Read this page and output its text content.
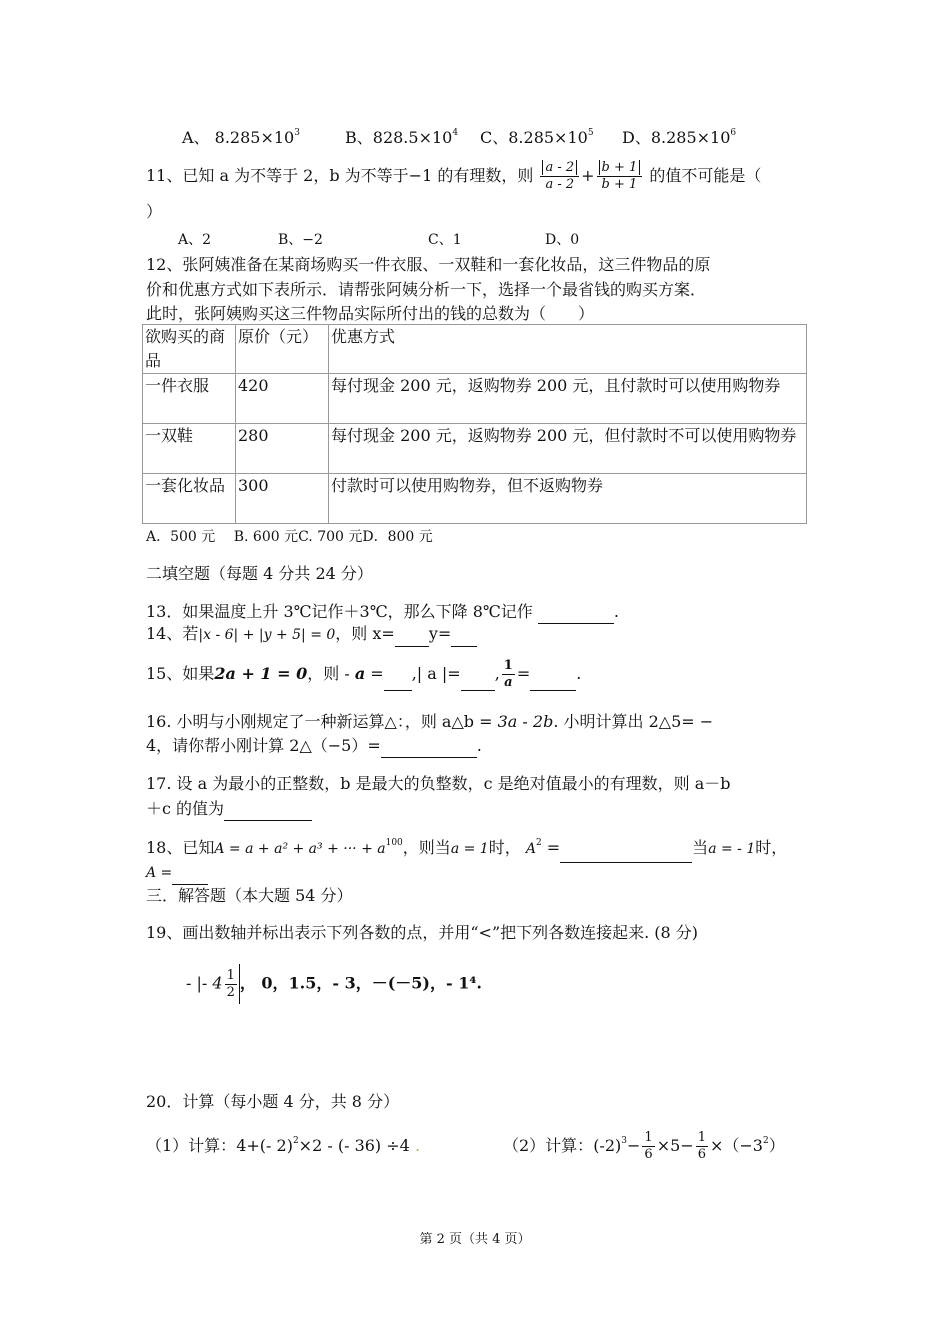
A、 $8.285\times 10^3$	B、$828.5\times 10^4$ C、$8.285\times 10^5$ D、$8.285\times 10^6$
11、已知 a 为不等于 2，b 为不等于−1 的有理数，则 $\frac{a - 2}{a - 2} + \frac{b + 1}{b + 1}$ 的值不可能是（
）
A、2	B、−2	C、1	D、0
12、张阿姨准备在某商场购买一件衣服、一双鞋和一套化妆品，这三件物品的原
价和优惠方式如下表所示．请帮张阿姨分析一下，选择一个最省钱的购买方案．
此时，张阿姨购买这三件物品实际所付出的钱的总数为（　　）
欲购买的商品	原价（元）	优惠方式
一件衣服	420	每付现金 200 元，返购物券 200 元，且付款时可以使用购物券
一双鞋	280	每付现金 200 元，返购物券 200 元，但付款时不可以使用购物券
一套化妆品	300	付款时可以使用购物券，但不返购物券
A．500 元　 B. 600 元C. 700 元D．800 元
二填空题（每题 4 分共 24 分）
13．如果温度上升 3℃记作＋3℃，那么下降 8℃记作	.
14、若|x - 6| + |y + 5| = 0，则 x= y=
15、如果2a + 1 = 0，则 - a = ,| a |= , $\frac{1}{a}$ =	.
16. 小明与小刚规定了一种新运算△：，则 a△b = 3a - 2b. 小明计算出 2△5= −
4，请你帮小刚计算 2△（−5）=	.
17. 设 a 为最小的正整数，b 是最大的负整数，c 是绝对值最小的有理数，则 a－b
＋c 的值为
18、已知A = a + a² + a³ + ··· + $a^{100}$，则当a = 1时， $A^2$ =	当a = - 1时，
A =
三．解答题（本大题 54 分）
19、画出数轴并标出表示下列各数的点，并用“<”把下列各数连接起来. (8 分)
- |- $4 \frac{1}{2}$ ， 0，1.5，- 3，－(－5)，- 1⁴.
20．计算（每小题 4 分，共 8 分）
（1）计算：4+(- 2)$^2$×2 - (- 36) ÷4 .	（2）计算：$(-2)^3- \frac{1}{6} \times 5- \frac{1}{6} \times(-3^2)$
第 2 页（共 4 页）
